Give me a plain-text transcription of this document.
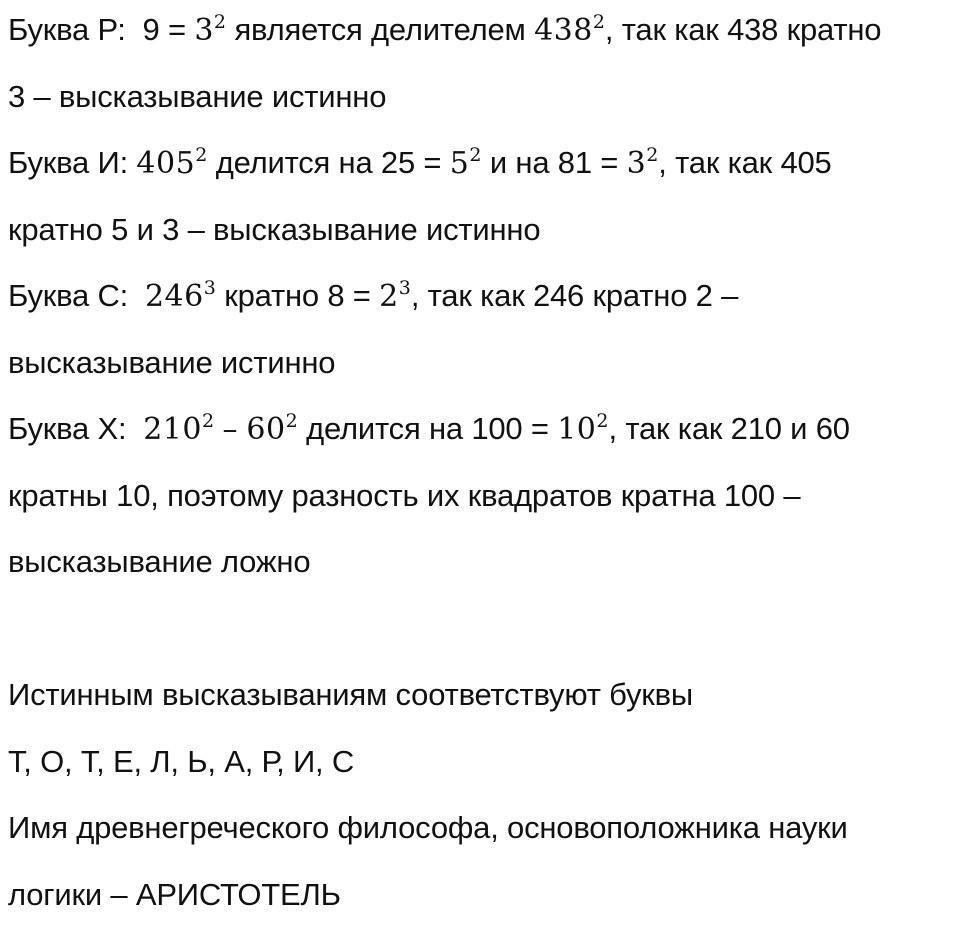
Буква Р: $9 = 3^2$ является делителем $438^2$, так как 438 кратно
3 – высказывание истинно
Буква И: $405^2$ делится на $25 = 5^2$ и на $81 = 3^2$, так как 405
кратно 5 и 3 – высказывание истинно
Буква С: $246^3$ кратно $8 = 2^3$, так как 246 кратно 2 –
высказывание истинно
Буква Х: $210^2 - 60^2$ делится на $100 = 10^2$, так как 210 и 60
кратны 10, поэтому разность их квадратов кратна 100 –
высказывание ложно
Истинным высказываниям соответствуют буквы
Т, О, Т, Е, Л, Ь, А, Р, И, С
Имя древнегреческого философа, основоположника науки
логики – АРИСТОТЕЛЬ
